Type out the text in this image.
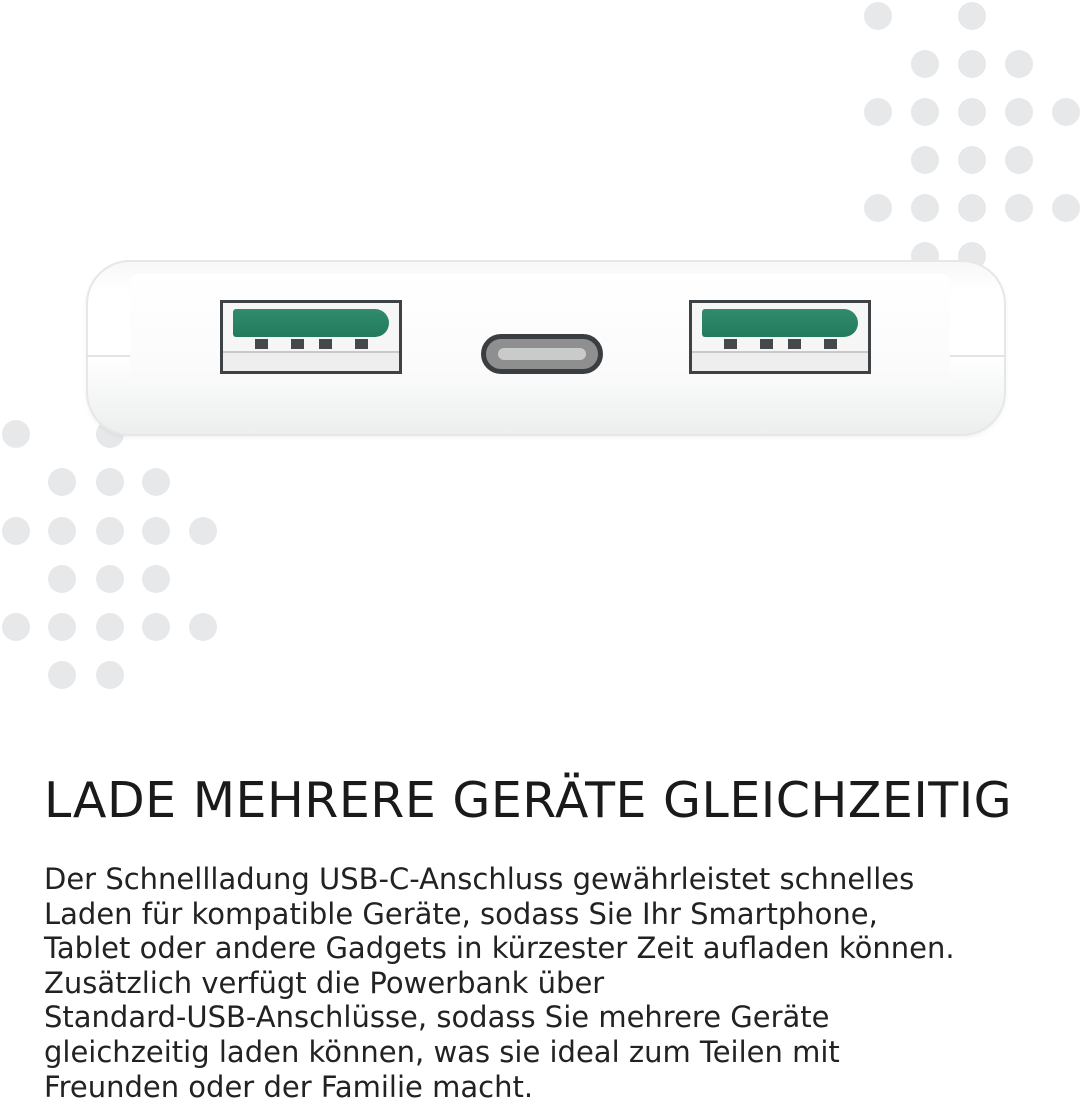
LADE MEHRERE GERÄTE GLEICHZEITIG

Der Schnellladung USB-C-Anschluss gewährleistet schnelles
Laden für kompatible Geräte, sodass Sie Ihr Smartphone,
Tablet oder andere Gadgets in kürzester Zeit aufladen können.
Zusätzlich verfügt die Powerbank über
Standard-USB-Anschlüsse, sodass Sie mehrere Geräte
gleichzeitig laden können, was sie ideal zum Teilen mit
Freunden oder der Familie macht.
